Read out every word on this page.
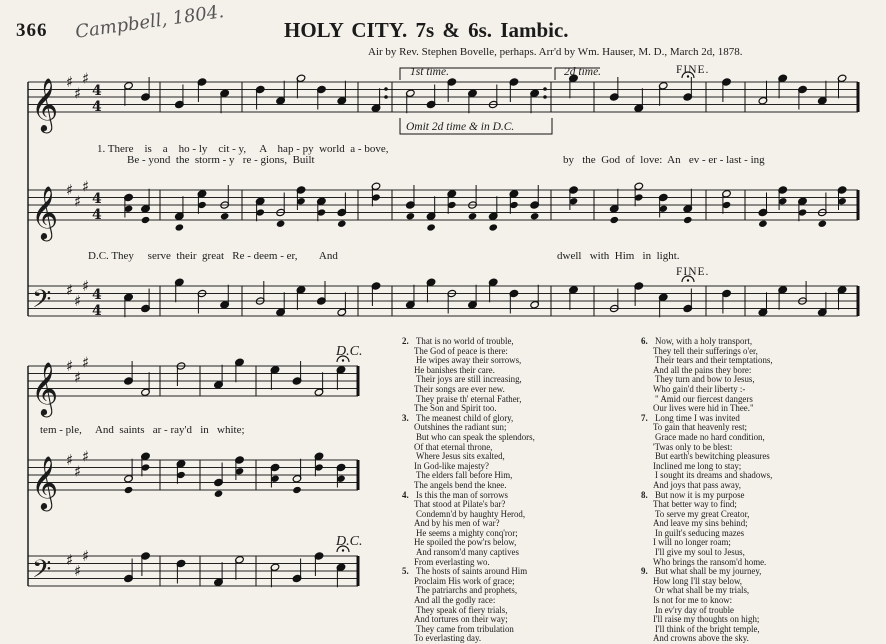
366 Campbell, 1804.	HOLY CITY. 7s & 6s. Iambic.
Air by Rev. Stephen Bovelle, perhaps. Arr'd by Wm. Hauser, M. D., March 2d, 1878.
𝄞 ♯
♯
♯
4
4
𝄞 ♯
♯
♯
4
4
𝄢 ♯
♯
♯ 4
4
𝄞 ♯
♯
♯
𝄞 ♯
♯
♯
𝄢 ♯
♯
♯
1st time.	2d time.	FINE.
Omit 2d time & in D.C.
FINE.
D.C.
D.C.
1. There    is    a    ho - ly    cit - y,     A    hap - py  world  a - bove,
Be - yond  the  storm - y   re - gions,  Built	by   the  God  of  love:  An   ev - er - last - ing
D.C. They     serve  their  great   Re - deem - er,        And	dwell   with  Him   in  light.
tem - ple,     And  saints   ar - ray'd   in   white;
2. That is no world of trouble,
The God of peace is there:
He wipes away their sorrows,
He banishes their care.
Their joys are still increasing,
Their songs are ever new.
They praise th' eternal Father,
The Son and Spirit too.
3. The meanest child of glory,
Outshines the radiant sun;
But who can speak the splendors,
Of that eternal throne,
Where Jesus sits exalted,
In God-like majesty?
The elders fall before Him,
The angels bend the knee.
4. Is this the man of sorrows
That stood at Pilate's bar?
Condemn'd by haughty Herod,
And by his men of war?
He seems a mighty conq'ror;
He spoiled the pow'rs below,
And ransom'd many captives
From everlasting wo.
5. The hosts of saints around Him
Proclaim His work of grace;
The patriarchs and prophets,
And all the godly race:
They speak of fiery trials,
And tortures on their way;
They came from tribulation
To everlasting day.
6. Now, with a holy transport,
They tell their sufferings o'er,
Their tears and their temptations,
And all the pains they bore:
They turn and bow to Jesus,
Who gain'd their liberty :-
" Amid our fiercest dangers
Our lives were hid in Thee."
7. Long time I was invited
To gain that heavenly rest;
Grace made no hard condition,
'Twas only to be blest:
But earth's bewitching pleasures
Inclined me long to stay;
I sought its dreams and shadows,
And joys that pass away,
8. But now it is my purpose
That better way to find;
To serve my great Creator,
And leave my sins behind;
In guilt's seducing mazes
I will no longer roam;
I'll give my soul to Jesus,
Who brings the ransom'd home.
9. But what shall be my journey,
How long I'll stay below,
Or what shall be my trials,
Is not for me to know:
In ev'ry day of trouble
I'll raise my thoughts on high;
I'll think of the bright temple,
And crowns above the sky.
